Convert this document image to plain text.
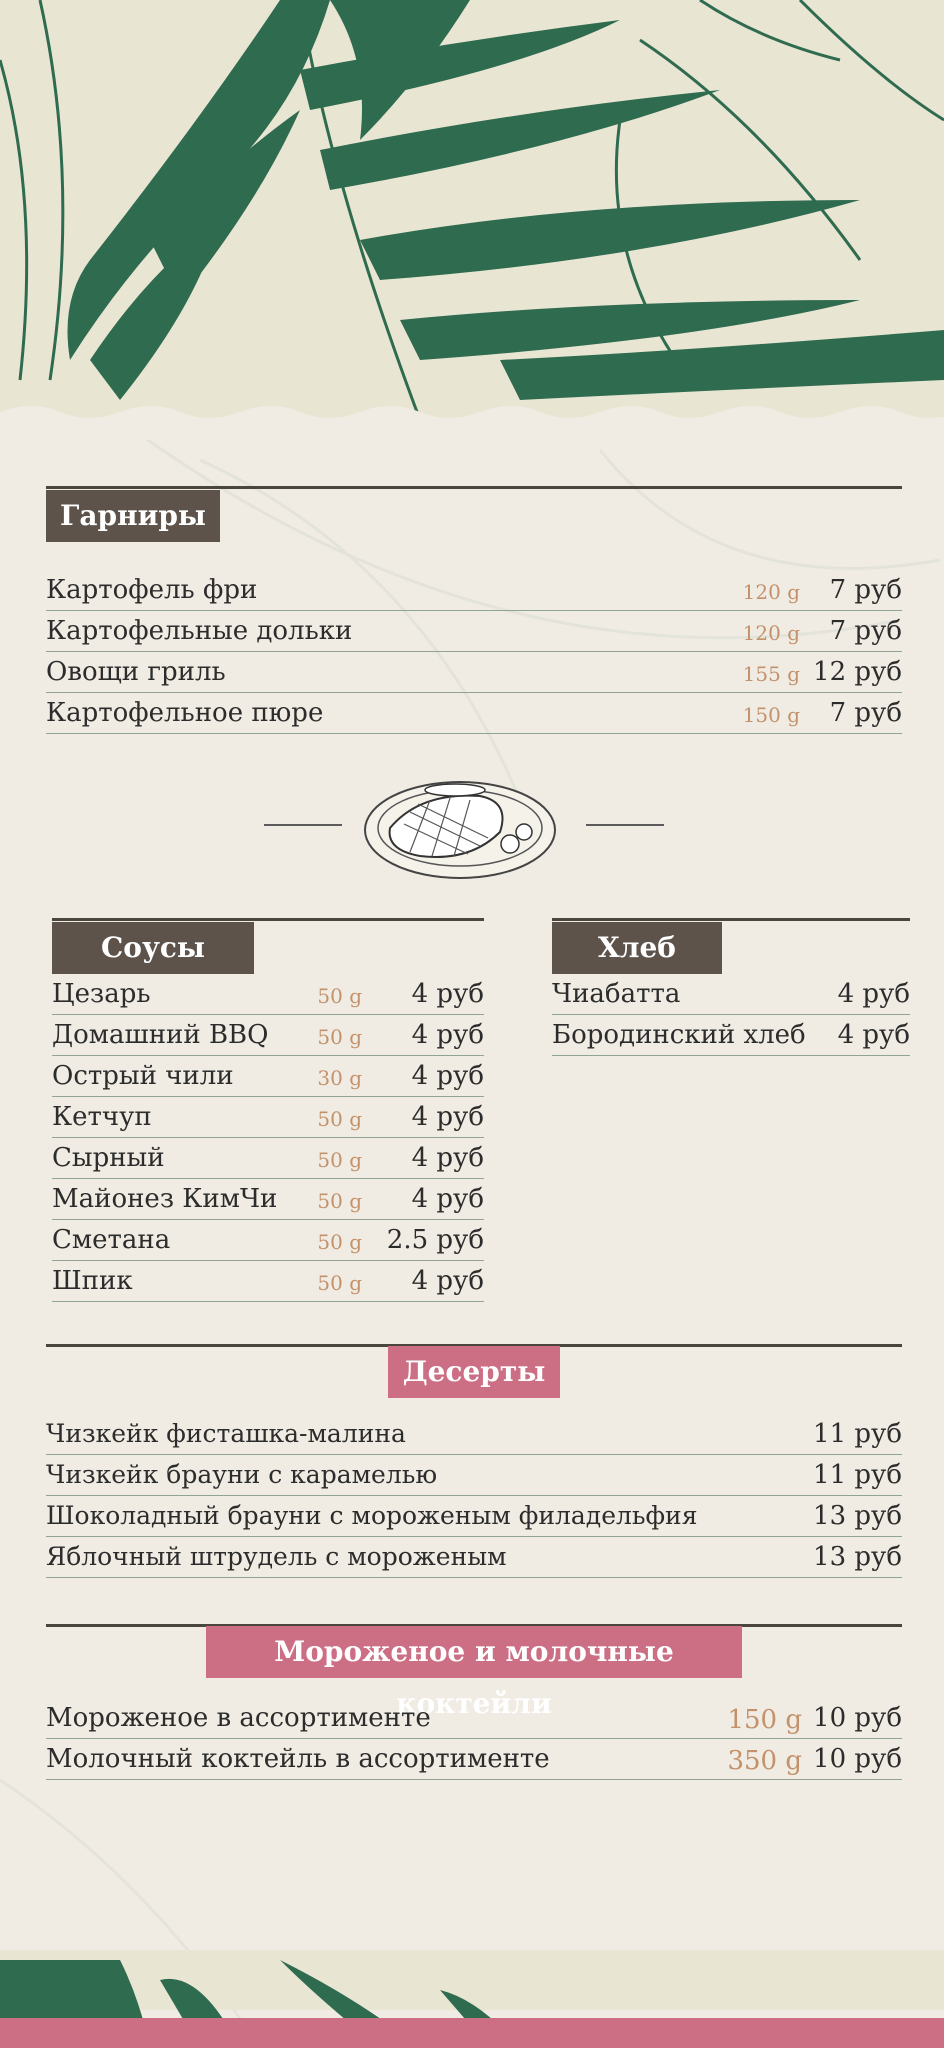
Гарниры
Картофель фри	120 g 7 руб
Картофельные дольки	120 g 7 руб
Овощи гриль	155 g 12 руб
Картофельное пюре	150 g 7 руб
Соусы
Цезарь	50 g 4 руб
Домашний BBQ 50 g 4 руб
Острый чили	30 g 4 руб
Кетчуп	50 g 4 руб
Сырный	50 g 4 руб
Майонез КимЧи 50 g 4 руб
Сметана	50 g 2.5 руб
Шпик	50 g 4 руб
Хлеб
Чиабатта	4 руб
Бородинский хлеб 4 руб
Десерты
Чизкейк фисташка-малина	11 руб
Чизкейк брауни с карамелью	11 руб
Шоколадный брауни с мороженым филадельфия	13 руб
Яблочный штрудель с мороженым	13 руб
Мороженое и молочные коктейли
Мороженое в ассортименте	150 g 10 руб
Молочный коктейль в ассортименте	350 g 10 руб
